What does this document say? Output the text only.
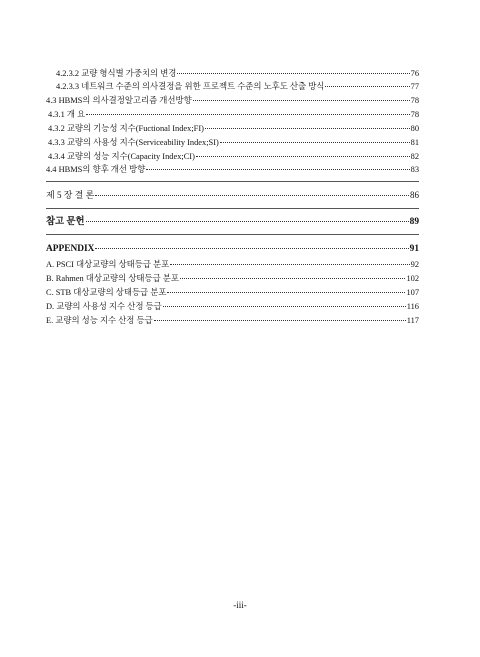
4.2.3.2 교량 형식별 가중치의 변경	76
4.2.3.3 네트워크 수준의 의사결정을 위한 프로젝트 수준의 노후도 산출 방식	77
4.3 HBMS의 의사결정알고리즘 개선방향	78
4.3.1 개 요	78
4.3.2 교량의 기능성 지수(Fuctional Index;FI)	80
4.3.3 교량의 사용성 지수(Serviceability Index;SI)	81
4.3.4 교량의 성능 지수(Capacity Index;CI)	82
4.4 HBMS의 향후 개선 방향	83
제 5 장 결 론	86
참고 문헌	89
APPENDIX	91
A. PSCI 대상교량의 상태등급 분포	92
B. Rahmen 대상교량의 상태등급 분포	102
C. STB 대상교량의 상태등급 분포	107
D. 교량의 사용성 지수 산정 등급	116
E. 교량의 성능 지수 산정 등급	117
-iii-
